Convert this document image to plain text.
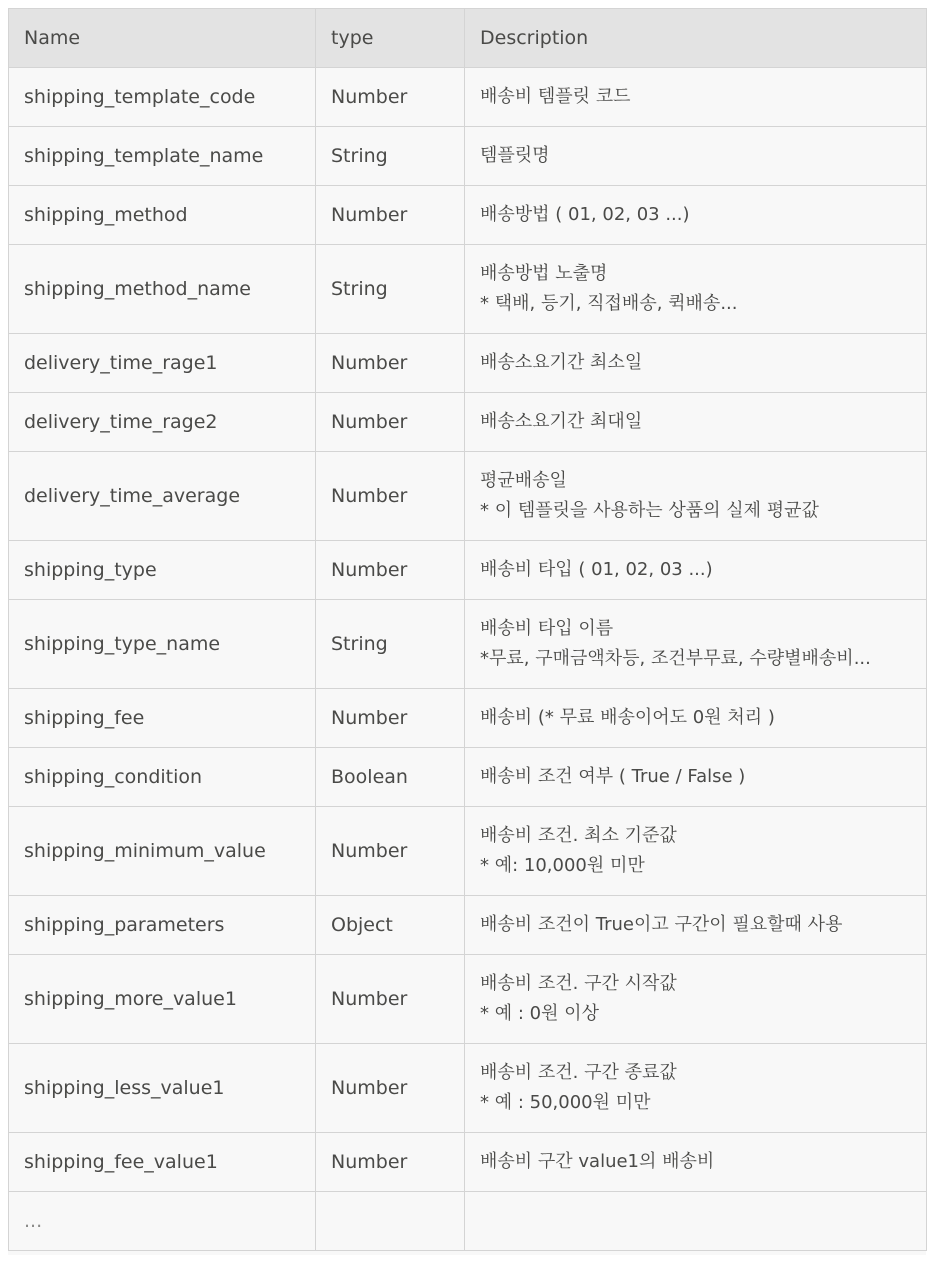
Name	type	Description
shipping_template_code	Number	배송비 템플릿 코드

shipping_template_name	String	템플릿명

shipping_method	Number	배송방법 ( 01, 02, 03 ...)

shipping_method_name	String	배송방법 노출명
* 택배, 등기, 직접배송, 퀵배송...

delivery_time_rage1	Number	배송소요기간 최소일

delivery_time_rage2	Number	배송소요기간 최대일

delivery_time_average	Number	평균배송일
* 이 템플릿을 사용하는 상품의 실제 평균값

shipping_type	Number	배송비 타입 ( 01, 02, 03 ...)

shipping_type_name	String	배송비 타입 이름
*무료, 구매금액차등, 조건부무료, 수량별배송비...

shipping_fee	Number	배송비 (* 무료 배송이어도 0원 처리 )

shipping_condition	Boolean	배송비 조건 여부 ( True / False )

shipping_minimum_value	Number	배송비 조건. 최소 기준값
* 예: 10,000원 미만

shipping_parameters	Object	배송비 조건이 True이고 구간이 필요할때 사용

shipping_more_value1	Number	배송비 조건. 구간 시작값
* 예 : 0원 이상

shipping_less_value1	Number	배송비 조건. 구간 종료값
* 예 : 50,000원 미만

shipping_fee_value1	Number	배송비 구간 value1의 배송비

...		
